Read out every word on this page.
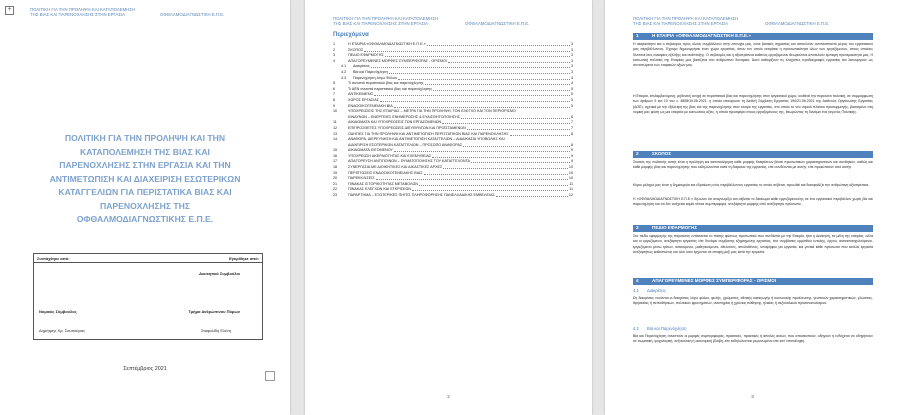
+	ΠΟΛΙΤΙΚΗ ΓΙΑ ΤΗΝ ΠΡΟΛΗΨΗ ΚΑΙ ΚΑΤΑΠΟΛΕΜΗΣΗ
ΤΗΣ ΒΙΑΣ ΚΑΙ ΠΑΡΕΝΟΧΛΗΣΗΣ ΣΤΗΝ ΕΡΓΑΣΙΑ	ΟΦΘΑΛΜΟΔΙΑΓΝΩΣΤΙΚΗ Ε.Π.Ε.
ΠΟΛΙΤΙΚΗ ΓΙΑ ΤΗΝ ΠΡΟΛΗΨΗ ΚΑΙ ΤΗΝ
ΚΑΤΑΠΟΛΕΜΗΣΗ ΤΗΣ ΒΙΑΣ ΚΑΙ
ΠΑΡΕΝΟΧΛΗΣΗΣ ΣΤΗΝ ΕΡΓΑΣΙΑ ΚΑΙ ΤΗΝ
ΑΝΤΙΜΕΤΩΠΙΣΗ ΚΑΙ ΔΙΑΧΕΙΡΙΣΗ ΕΣΩΤΕΡΙΚΩΝ
ΚΑΤΑΓΓΕΛΙΩΝ ΓΙΑ ΠΕΡΙΣΤΑΤΙΚΑ ΒΙΑΣ ΚΑΙ
ΠΑΡΕΝΟΧΛΗΣΗΣ ΤΗΣ
ΟΦΘΑΛΜΟΔΙΑΓΝΩΣΤΙΚΗΣ Ε.Π.Ε.
Συντάχθηκε από:	Εγκρίθηκε από:
Διοικητικό Συμβούλιο
Νομικός Σύμβουλος	Τμήμα Ανθρώπινου Πόρων
Δημήτρης Χρ. Σουσούρας	Σταφυλίδη Ελένη
Σεπτέμβριος 2021
ΠΟΛΙΤΙΚΗ ΓΙΑ ΤΗΝ ΠΡΟΛΗΨΗ ΚΑΙ ΚΑΤΑΠΟΛΕΜΗΣΗ
ΤΗΣ ΒΙΑΣ ΚΑΙ ΠΑΡΕΝΟΧΛΗΣΗΣ ΣΤΗΝ ΕΡΓΑΣΙΑ	ΟΦΘΑΛΜΟΔΙΑΓΝΩΣΤΙΚΗ Ε.Π.Ε.
Περιεχόμενα
1	Η ΕΤΑΙΡΙΑ «ΟΦΘΑΛΜΟΔΙΑΓΝΩΣΤΙΚΗ Ε.Π.Ε.»	3
2	ΣΚΟΠΟΣ	3
3	ΠΕΔΙΟ ΕΦΑΡΜΟΓΗΣ	3
4	ΑΠΑΓΟΡΕΥΜΕΝΕΣ ΜΟΡΦΕΣ ΣΥΜΠΕΡΙΦΟΡΑΣ - ΟΡΙΣΜΟΙ	3
4.1	Διακρίσεις	3
4.2	Βία και Παρενόχληση	3
4.3	Παρενόχληση λόγω Φύλου	4
5	Τι συνιστά περιστατικό βίας και παρενόχλησης	4
6	Τι ΔΕΝ συνιστά περιστατικό βίας και παρενόχλησης	5
7	ΑΝΤΙΚΕΙΜΕΝΟ	5
8	ΧΩΡΟΣ ΕΡΓΑΣΙΑΣ	5
9	ΕΝΔΟΟΙΚΟΓΕΝΕΙΑΚΗ ΒΙΑ	5
10	ΥΠΟΧΡΕΩΣΕΙΣ ΤΗΣ ΕΤΑΙΡΙΑΣ – ΜΕΤΡΑ ΓΙΑ ΤΗΝ ΠΡΟΛΗΨΗ, ΤΟΝ ΕΛΕΓΧΟ ΚΑΙ ΤΟΝ ΠΕΡΙΟΡΙΣΜΟ
ΚΙΝΔΥΝΩΝ – ΕΝΕΡΓΕΙΕΣ ΕΝΗΜΕΡΩΣΗΣ & ΕΥΑΙΣΘΗΤΟΠΟΙΗΣΗΣ	6
11	ΔΙΚΑΙΩΜΑΤΑ ΚΑΙ ΥΠΟΧΡΕΩΣΕΙΣ ΤΩΝ ΕΡΓΑΖΟΜΕΝΩΝ	7
12	ΕΠΙΠΡΟΣΘΕΤΕΣ ΥΠΟΧΡΕΩΣΕΙΣ ΔΙΕΥΘΥΝΤΩΝ ΚΑΙ ΠΡΟΪΣΤΑΜΕΝΩΝ	7
13	ΟΔΗΓΙΕΣ ΓΙΑ ΤΗΝ ΠΡΟΛΗΨΗ ΚΑΙ ΑΝΤΙΜΕΤΩΠΙΣΗ ΠΕΡΙΣΤΑΤΙΚΩΝ ΒΙΑΣ ΚΑΙ ΠΑΡΕΝΟΧΛΗΣΗΣ	8
14	ΑΝΑΦΟΡΑ, ΔΙΕΡΕΥΝΗΣΗ ΚΑΙ ΑΝΤΙΜΕΤΩΠΙΣΗ ΚΑΤΑΓΓΕΛΙΩΝ – ΔΙΑΔΙΚΑΣΙΑ ΥΠΟΒΟΛΗΣ ΚΑΙ
ΔΙΑΧΕΙΡΙΣΗ ΕΣΩΤΕΡΙΚΩΝ ΚΑΤΑΓΓΕΛΙΩΝ – ΠΡΟΣΩΠΟ ΑΝΑΦΟΡΑΣ	8
15	ΔΙΚΑΙΩΜΑΤΑ ΘΙΓΟΜΕΝΟΥ	9
16	ΥΠΟΧΡΕΩΣΗ ΑΚΕΡΑΙΟΤΗΤΑΣ ΚΑΙ ΕΧΕΜΥΘΕΙΑΣ	9
17	ΑΠΑΓΟΡΕΥΣΗ ΑΝΤΙΠΟΙΝΩΝ – ΘΥΜΑΤΟΠΟΙΗΣΗΣ ΤΟΥ ΚΑΤΑΓΓΕΛΟΝΤΑ	9
18	ΣΥΝΕΡΓΑΣΙΑ ΜΕ ΔΙΟΙΚΗΤΙΚΕΣ ΚΑΙ ΔΙΚΑΣΤΙΚΕΣ ΑΡΧΕΣ	10
19	ΠΕΡΙΠΤΩΣΕΙΣ ΕΝΔΟΟΙΚΟΓΕΝΕΙΑΚΗΣ ΒΙΑΣ	10
20	ΠΑΡΕΚΚΛΙΣΕΙΣ	10
21	ΠΙΝΑΚΑΣ ΙΣΤΟΡΙΚΟΤΗΤΑΣ ΜΕΤΑΒΟΛΩΝ	11
22	ΠΙΝΑΚΑΣ ΕΛΕΓΧΩΝ ΚΑΙ ΕΓΚΡΙΣΕΩΝ	11
23	ΠΑΡΑΡΤΗΜΑ – ΕΞΩΤΕΡΙΚΕΣ ΠΗΓΕΣ ΠΛΗΡΟΦΟΡΗΣΗΣ ΠΑΝΕΛΛΑΔΙΚΗΣ ΕΜΒΕΛΕΙΑΣ	12
2
ΠΟΛΙΤΙΚΗ ΓΙΑ ΤΗΝ ΠΡΟΛΗΨΗ ΚΑΙ ΚΑΤΑΠΟΛΕΜΗΣΗ
ΤΗΣ ΒΙΑΣ ΚΑΙ ΠΑΡΕΝΟΧΛΗΣΗΣ ΣΤΗΝ ΕΡΓΑΣΙΑ	ΟΦΘΑΛΜΟΔΙΑΓΝΩΣΤΙΚΗ Ε.Π.Ε.
1	Η ΕΤΑΙΡΙΑ «ΟΦΘΑΛΜΟΔΙΑΓΝΩΣΤΙΚΗ Ε.Π.Ε.»
Η ακεραιότητα και ο σεβασμός προς όλους συμβάλλουν στην επιτυχία μας, είναι βασικές σημασίας και αποτελούν αναπόσπαστο μέρος του εργασιακού μας περιβάλλοντος. Έχουμε δημιουργήσει έναν χώρο εργασίας, όπου τον οποίο εκτιμάται η προσωπικότητα όλων των εργαζόμενων, στους οποίους δίνονται ίσες ευκαιρίες εξέλιξης και ανάπτυξης. Ο σεβασμός και η αξιοπρέπεια καθενός εργαζόμενου θεωρούνται αποτελούν έμπειρη προτεραιότητά μας. Η κοινωνική πολιτική της Εταιρίας μας βασίζεται στο ανθρώπινο δυναμικό. Αυτό καθορίζουν τις ελάχιστες προδιαγραφές εργασίας και λειτουργούν ως συνιστώμενα των εταιρικών αξιών μας.
Η Εταιρία, επιλαμβανόμενη, μηδενική ανοχή σε περιστατικά βίας και παρενόχλησης στον εργασιακό χώρο, υιοθετεί την παρούσα πολιτική, σε συμμόρφωση των άρθρων 9 και 10 του ν. 4808/19.06.2021, η οποία επικύρωσε τη Διεθνή Σύμβαση Εργασίας 190/21.06.2021 της Διεθνούς Οργάνωσης Εργασίας (ΔΟΕ), σχετικά με την εξάλειψη της βίας και της παρενόχλησης στον κόσμο της εργασίας, στο οποίο το νέο νομικό πλαίσιο προσαρμογής, βασισμένο στη νομική μας φύση ως μια εταιρεία με κοινωνικές αξίες, η οποία προσφέρει στους εργαζομένους της, θεωρώντας τη δυνάμει ένα γεγονός Πολιτικής.
2	ΣΚΟΠΟΣ
Σκοπός της πολιτικής αυτής είναι η πρόληψη και καταπολέμηση κάθε μορφής διακρίσεων βάσει προσωπικών χαρακτηριστικών και συνθηκών, καθώς και κάθε μορφής βίας και παρενόχλησης που εκδηλώνονται κατά τη διάρκεια της εργασίας, είτε συνδέονται με αυτήν, είτε προκύπτουν από αυτήν.
Κύριο μέλημά μας είναι η δημιουργία και εδραίωση ενός περιβάλλοντος εργασίας το οποίο σέβεται, προωθεί και διασφαλίζει την ανθρώπινη αξιοπρέπεια.
Η «ΟΦΘΑΛΜΟΔΙΑΓΝΩΣΤΙΚΗ Ε.Π.Ε.» δηλώνει ότι αναγνωρίζει και σέβεται το δικαίωμα κάθε εργαζόμενου/ης σε ένα εργασιακό περιβάλλον χωρίς βία και παρενόχληση και ότι δεν ανέχεται καμία τέτοια συμπεριφορά, ανεξάρτητα μορφής από ανεξάρτητο πρόσωπο.
3	ΠΕΔΙΟ ΕΦΑΡΜΟΓΗΣ
Στο πεδίο εφαρμογής της παρούσας εντάσσεται το πάσης φύσεως προσωπικό που συνδέεται με την Εταιρία, ήτοι η Διοίκηση, τα μέλη της εταιρίας, αλλά και οι εργαζόμενοι, ανεξάρτητα εργασίας είτε δυνάμει σύμβασης εξηρτημένης εργασίας, είτε συμβάσεις εμμίσθου εντολής, έργου, αυτοαπασχολούμενοι, εργαζόμενοι μέσω τρίτων, ασκούμενοι, μαθητευόμενοι, εθελοντές, απολυθέντες, υποψήφιοι για εργασία, και γενικά κάθε πρόσωπο που εκτελεί εργασία ανεξαρτήτως καθεστώτος και όλοι όσοι έρχονται σε επαφή μαζί μας κατά την εργασία.
4	ΑΠΑΓΟΡΕΥΜΕΝΕΣ ΜΟΡΦΕΣ ΣΥΜΠΕΡΙΦΟΡΑΣ - ΟΡΙΣΜΟΙ
4.1 Διακρίσεις
Ως διακρίσεις νοούνται οι διακρίσεις λόγω φύλου, φυλής, χρώματος, εθνικής καταγωγής ή κοινωνικής προέλευσης, γενετικών χαρακτηριστικών, γλώσσας, θρησκείας ή πεποιθήσεων, πολιτικών φρονημάτων, αναπηρίας ή χρόνιας πάθησης, ηλικίας ή σεξουαλικού προσανατολισμού.
4.2 Βία και Παρενόχληση
Βία και Παρενόχληση συνιστούν οι μορφές συμπεριφοράς, πρακτικές, πρακτικές ή απειλές αυτών, που αποσκοπούν, οδηγούν ή ενδέχεται να οδηγήσουν σε σωματική, ψυχολογική, σεξουαλική ή οικονομική βλάβη, είτε εκδηλώνονται μεμονωμένα είτε κατ' επανάληψη.
3
